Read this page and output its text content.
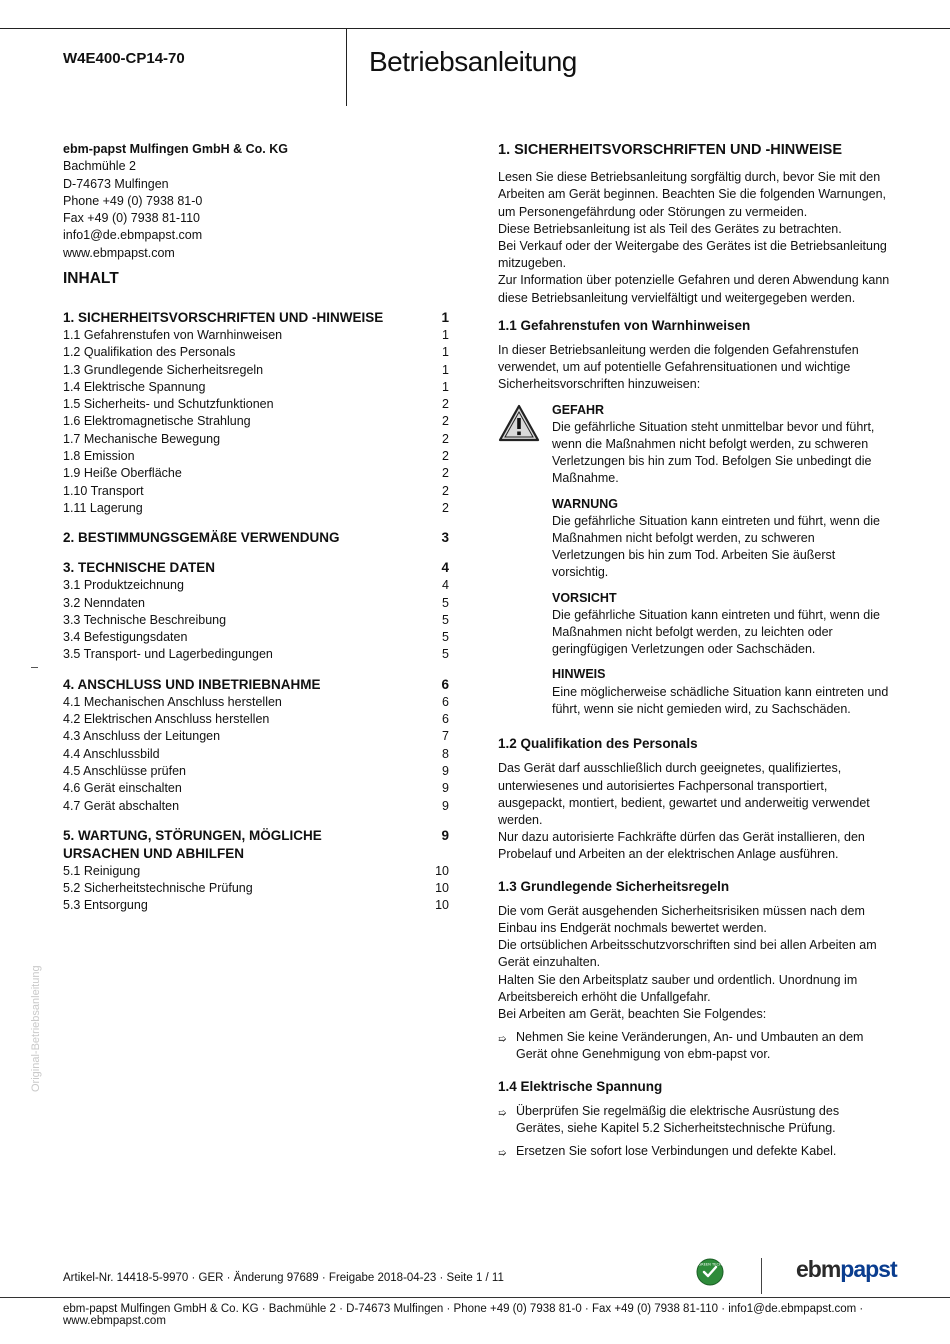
W4E400-CP14-70	Betriebsanleitung
ebm-papst Mulfingen GmbH & Co. KG
Bachmühle 2
D-74673 Mulfingen
Phone +49 (0) 7938 81-0
Fax +49 (0) 7938 81-110
info1@de.ebmpapst.com
www.ebmpapst.com
INHALT
1. SICHERHEITSVORSCHRIFTEN UND -HINWEISE	1
1.1 Gefahrenstufen von Warnhinweisen	1
1.2 Qualifikation des Personals	1
1.3 Grundlegende Sicherheitsregeln	1
1.4 Elektrische Spannung	1
1.5 Sicherheits- und Schutzfunktionen	2
1.6 Elektromagnetische Strahlung	2
1.7 Mechanische Bewegung	2
1.8 Emission	2
1.9 Heiße Oberfläche	2
1.10 Transport	2
1.11 Lagerung	2
2. BESTIMMUNGSGEMÄßE VERWENDUNG	3
3. TECHNISCHE DATEN	4
3.1 Produktzeichnung	4
3.2 Nenndaten	5
3.3 Technische Beschreibung	5
3.4 Befestigungsdaten	5
3.5 Transport- und Lagerbedingungen	5
4. ANSCHLUSS UND INBETRIEBNAHME	6
4.1 Mechanischen Anschluss herstellen	6
4.2 Elektrischen Anschluss herstellen	6
4.3 Anschluss der Leitungen	7
4.4 Anschlussbild	8
4.5 Anschlüsse prüfen	9
4.6 Gerät einschalten	9
4.7 Gerät abschalten	9
5. WARTUNG, STÖRUNGEN, MÖGLICHE URSACHEN UND ABHILFEN
9
5.1 Reinigung	10
5.2 Sicherheitstechnische Prüfung	10
5.3 Entsorgung	10
Original-Betriebsanleitung
1. SICHERHEITSVORSCHRIFTEN UND -HINWEISE

Lesen Sie diese Betriebsanleitung sorgfältig durch, bevor Sie mit den Arbeiten am Gerät beginnen. Beachten Sie die folgenden Warnungen, um Personengefährdung oder Störungen zu vermeiden.

Diese Betriebsanleitung ist als Teil des Gerätes zu betrachten.

Bei Verkauf oder der Weitergabe des Gerätes ist die Betriebsanleitung mitzugeben.

Zur Information über potenzielle Gefahren und deren Abwendung kann diese Betriebsanleitung vervielfältigt und weitergegeben werden.

1.1 Gefahrenstufen von Warnhinweisen

In dieser Betriebsanleitung werden die folgenden Gefahrenstufen verwendet, um auf potentielle Gefahrensituationen und wichtige Sicherheitsvorschriften hinzuweisen:

GEFAHR
Die gefährliche Situation steht unmittelbar bevor und führt, wenn die Maßnahmen nicht befolgt werden, zu schweren Verletzungen bis hin zum Tod. Befolgen Sie unbedingt die Maßnahme.
WARNUNG
Die gefährliche Situation kann eintreten und führt, wenn die Maßnahmen nicht befolgt werden, zu schweren Verletzungen bis hin zum Tod. Arbeiten Sie äußerst vorsichtig.
VORSICHT
Die gefährliche Situation kann eintreten und führt, wenn die Maßnahmen nicht befolgt werden, zu leichten oder geringfügigen Verletzungen oder Sachschäden.
HINWEIS
Eine möglicherweise schädliche Situation kann eintreten und führt, wenn sie nicht gemieden wird, zu Sachschäden.
1.2 Qualifikation des Personals

Das Gerät darf ausschließlich durch geeignetes, qualifiziertes, unterwiesenes und autorisiertes Fachpersonal transportiert, ausgepackt, montiert, bedient, gewartet und anderweitig verwendet werden.

Nur dazu autorisierte Fachkräfte dürfen das Gerät installieren, den Probelauf und Arbeiten an der elektrischen Anlage ausführen.

1.3 Grundlegende Sicherheitsregeln

Die vom Gerät ausgehenden Sicherheitsrisiken müssen nach dem Einbau ins Endgerät nochmals bewertet werden.

Die ortsüblichen Arbeitsschutzvorschriften sind bei allen Arbeiten am Gerät einzuhalten.

Halten Sie den Arbeitsplatz sauber und ordentlich. Unordnung im Arbeitsbereich erhöht die Unfallgefahr.

Bei Arbeiten am Gerät, beachten Sie Folgendes:

➯ Nehmen Sie keine Veränderungen, An- und Umbauten an dem Gerät ohne Genehmigung von ebm-papst vor.
1.4 Elektrische Spannung
➯ Überprüfen Sie regelmäßig die elektrische Ausrüstung des Gerätes, siehe Kapitel 5.2 Sicherheitstechnische Prüfung.
➯ Ersetzen Sie sofort lose Verbindungen und defekte Kabel.
Artikel-Nr. 14418-5-9970 · GER · Änderung 97689 · Freigabe 2018-04-23 · Seite 1 / 11
GREEN TECH	ebmpapst
ebm-papst Mulfingen GmbH & Co. KG · Bachmühle 2 · D-74673 Mulfingen · Phone +49 (0) 7938 81-0 · Fax +49 (0) 7938 81-110 · info1@de.ebmpapst.com · www.ebmpapst.com
